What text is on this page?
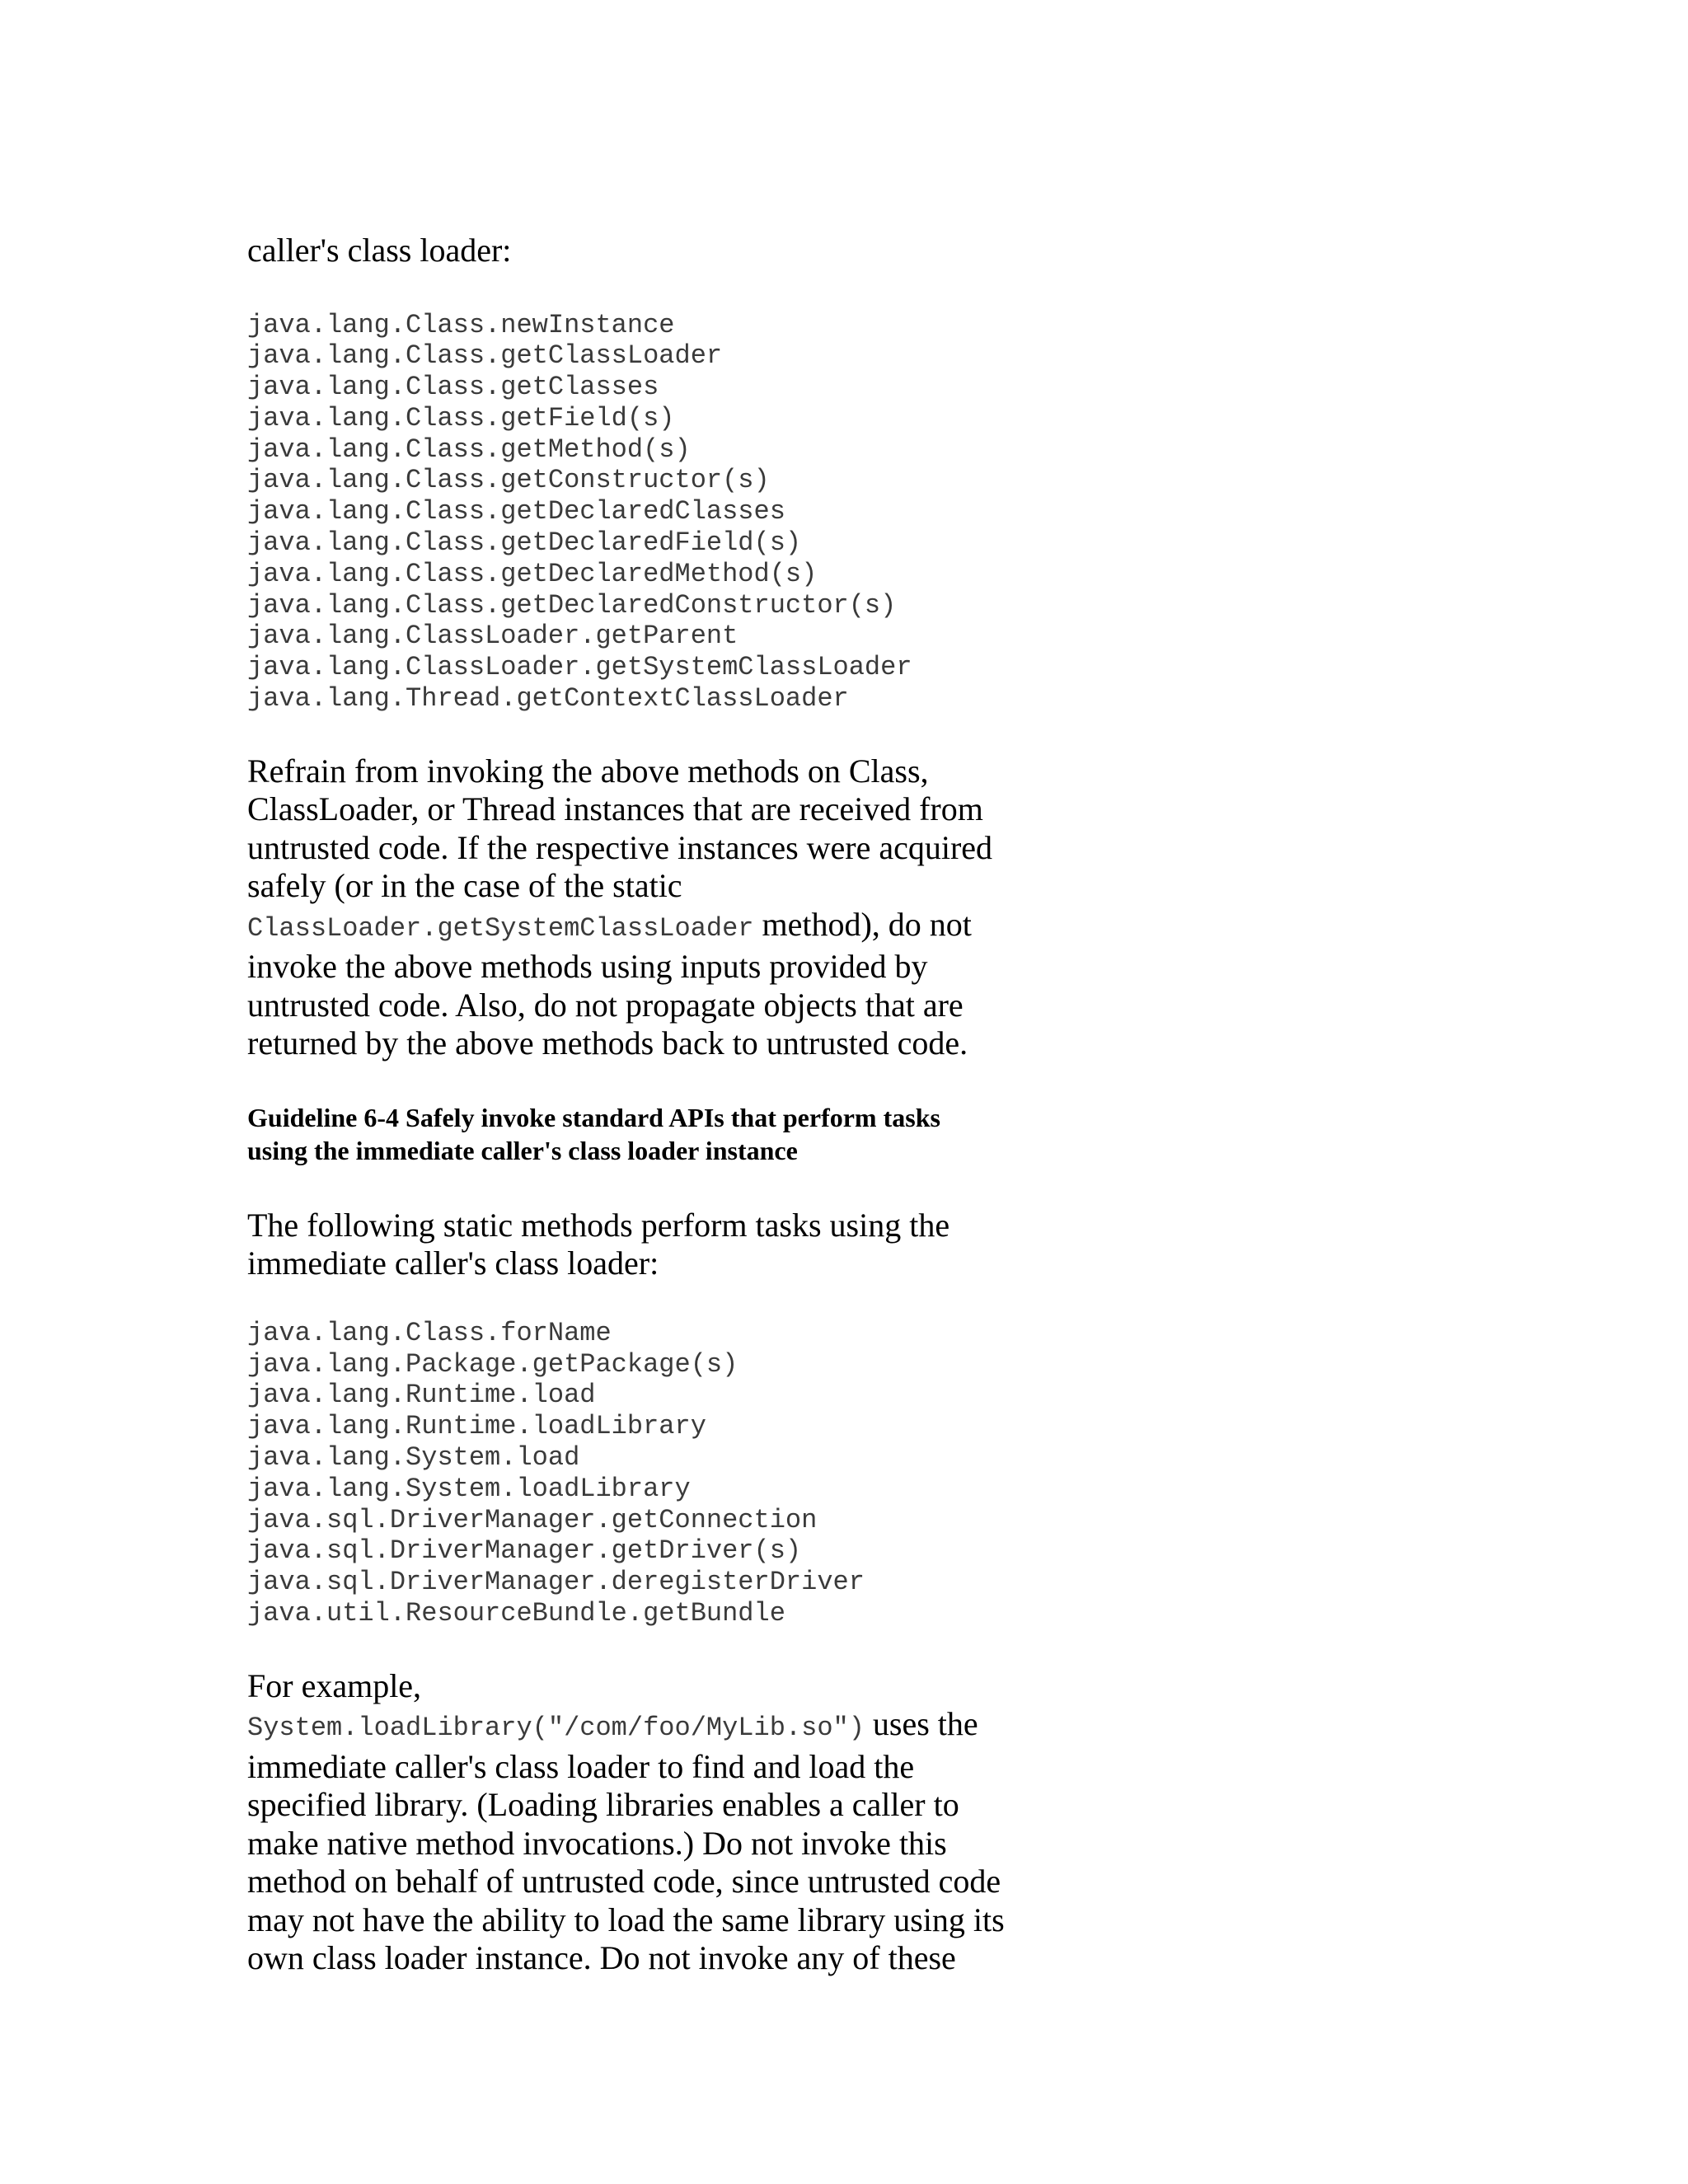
caller's class loader:

java.lang.Class.newInstance
java.lang.Class.getClassLoader
java.lang.Class.getClasses
java.lang.Class.getField(s)
java.lang.Class.getMethod(s)
java.lang.Class.getConstructor(s)
java.lang.Class.getDeclaredClasses
java.lang.Class.getDeclaredField(s)
java.lang.Class.getDeclaredMethod(s)
java.lang.Class.getDeclaredConstructor(s)
java.lang.ClassLoader.getParent
java.lang.ClassLoader.getSystemClassLoader
java.lang.Thread.getContextClassLoader

Refrain from invoking the above methods on Class,
ClassLoader, or Thread instances that are received from
untrusted code. If the respective instances were acquired
safely (or in the case of the static
ClassLoader.getSystemClassLoader method), do not
invoke the above methods using inputs provided by
untrusted code. Also, do not propagate objects that are
returned by the above methods back to untrusted code.

Guideline 6-4 Safely invoke standard APIs that perform tasks
using the immediate caller's class loader instance

The following static methods perform tasks using the
immediate caller's class loader:

java.lang.Class.forName
java.lang.Package.getPackage(s)
java.lang.Runtime.load
java.lang.Runtime.loadLibrary
java.lang.System.load
java.lang.System.loadLibrary
java.sql.DriverManager.getConnection
java.sql.DriverManager.getDriver(s)
java.sql.DriverManager.deregisterDriver
java.util.ResourceBundle.getBundle

For example,
System.loadLibrary("/com/foo/MyLib.so") uses the
immediate caller's class loader to find and load the
specified library. (Loading libraries enables a caller to
make native method invocations.) Do not invoke this
method on behalf of untrusted code, since untrusted code
may not have the ability to load the same library using its
own class loader instance. Do not invoke any of these
